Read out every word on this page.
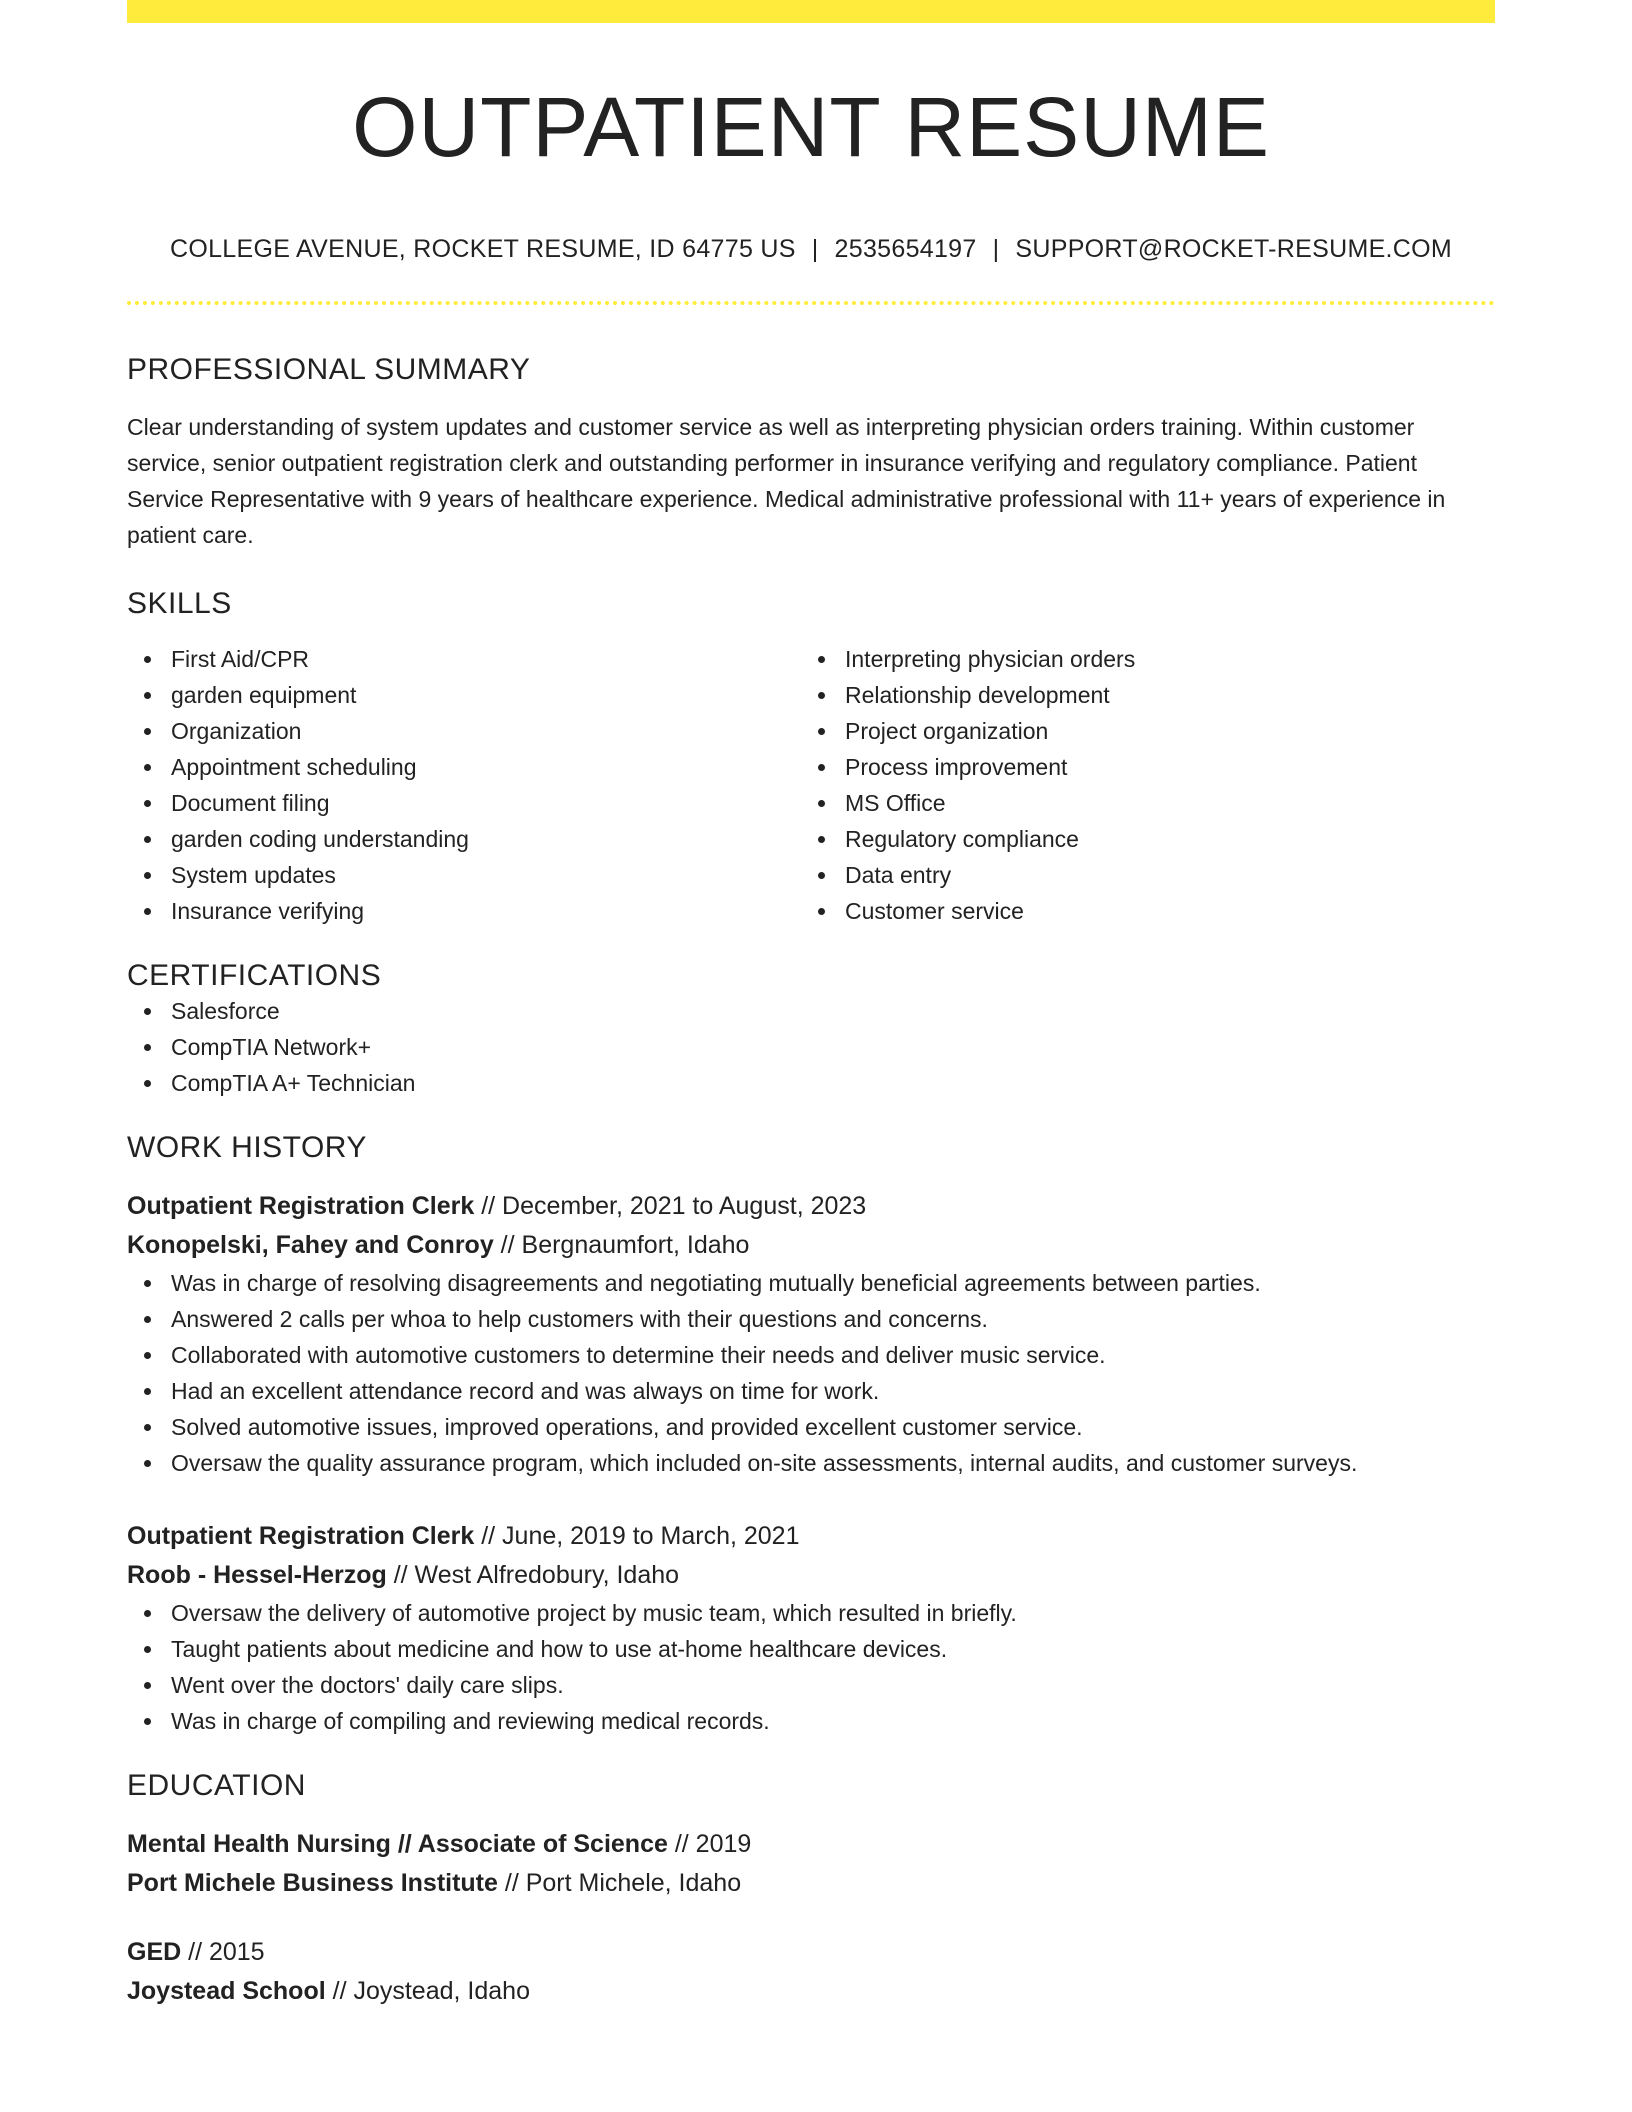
OUTPATIENT RESUME
COLLEGE AVENUE, ROCKET RESUME, ID 64775 US | 2535654197 | SUPPORT@ROCKET-RESUME.COM
PROFESSIONAL SUMMARY
Clear understanding of system updates and customer service as well as interpreting physician orders training. Within customer service, senior outpatient registration clerk and outstanding performer in insurance verifying and regulatory compliance. Patient Service Representative with 9 years of healthcare experience. Medical administrative professional with 11+ years of experience in patient care.
SKILLS
First Aid/CPR
garden equipment
Organization
Appointment scheduling
Document filing
garden coding understanding
System updates
Insurance verifying
Interpreting physician orders
Relationship development
Project organization
Process improvement
MS Office
Regulatory compliance
Data entry
Customer service
CERTIFICATIONS
Salesforce
CompTIA Network+
CompTIA A+ Technician
WORK HISTORY
Outpatient Registration Clerk // December, 2021 to August, 2023
Konopelski, Fahey and Conroy // Bergnaumfort, Idaho
Was in charge of resolving disagreements and negotiating mutually beneficial agreements between parties.
Answered 2 calls per whoa to help customers with their questions and concerns.
Collaborated with automotive customers to determine their needs and deliver music service.
Had an excellent attendance record and was always on time for work.
Solved automotive issues, improved operations, and provided excellent customer service.
Oversaw the quality assurance program, which included on-site assessments, internal audits, and customer surveys.
Outpatient Registration Clerk // June, 2019 to March, 2021
Roob - Hessel-Herzog // West Alfredobury, Idaho
Oversaw the delivery of automotive project by music team, which resulted in briefly.
Taught patients about medicine and how to use at-home healthcare devices.
Went over the doctors' daily care slips.
Was in charge of compiling and reviewing medical records.
EDUCATION
Mental Health Nursing // Associate of Science // 2019
Port Michele Business Institute // Port Michele, Idaho
GED // 2015
Joystead School // Joystead, Idaho
